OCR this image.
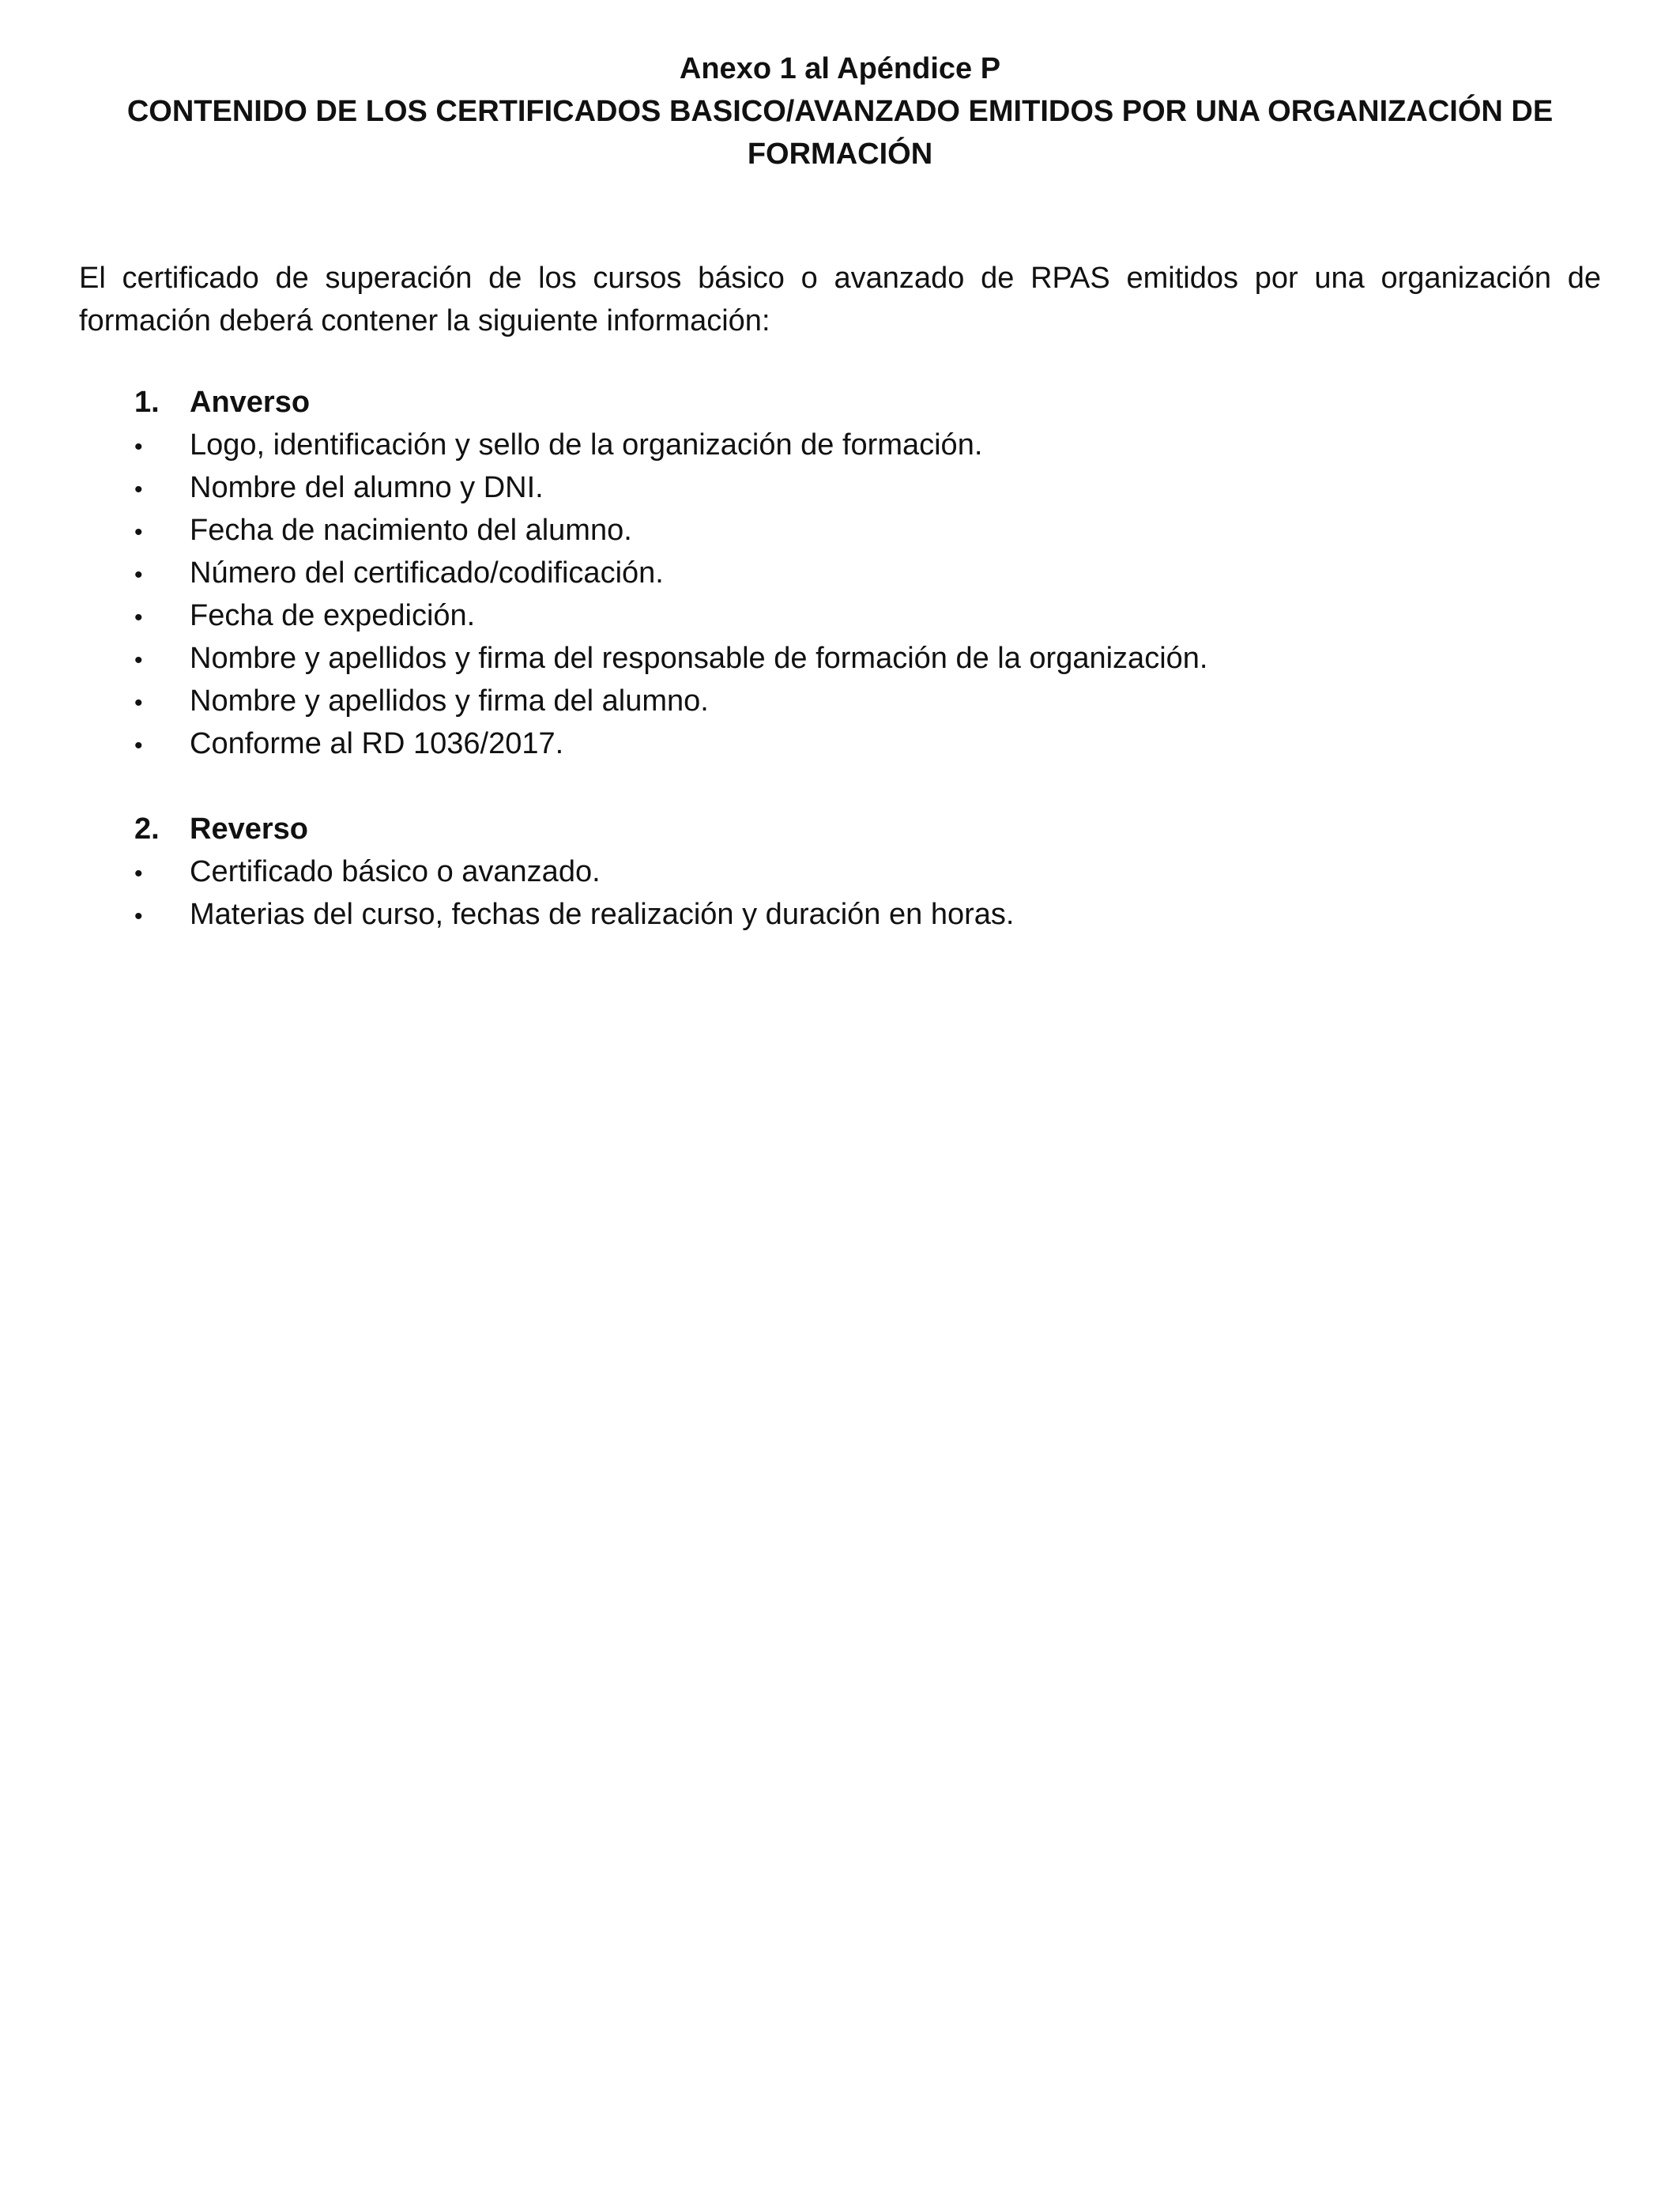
Anexo 1 al Apéndice P
CONTENIDO DE LOS CERTIFICADOS BASICO/AVANZADO EMITIDOS POR UNA ORGANIZACIÓN DE
FORMACIÓN

El certificado de superación de los cursos básico o avanzado de RPAS emitidos por una organización de formación deberá contener la siguiente información:

1.	Anverso
•	Logo, identificación y sello de la organización de formación.
•	Nombre del alumno y DNI.
•	Fecha de nacimiento del alumno.
•	Número del certificado/codificación.
•	Fecha de expedición.
•	Nombre y apellidos y firma del responsable de formación de la organización.
•	Nombre y apellidos y firma del alumno.
•	Conforme al RD 1036/2017.
2.	Reverso
•	Certificado básico o avanzado.
•	Materias del curso, fechas de realización y duración en horas.
